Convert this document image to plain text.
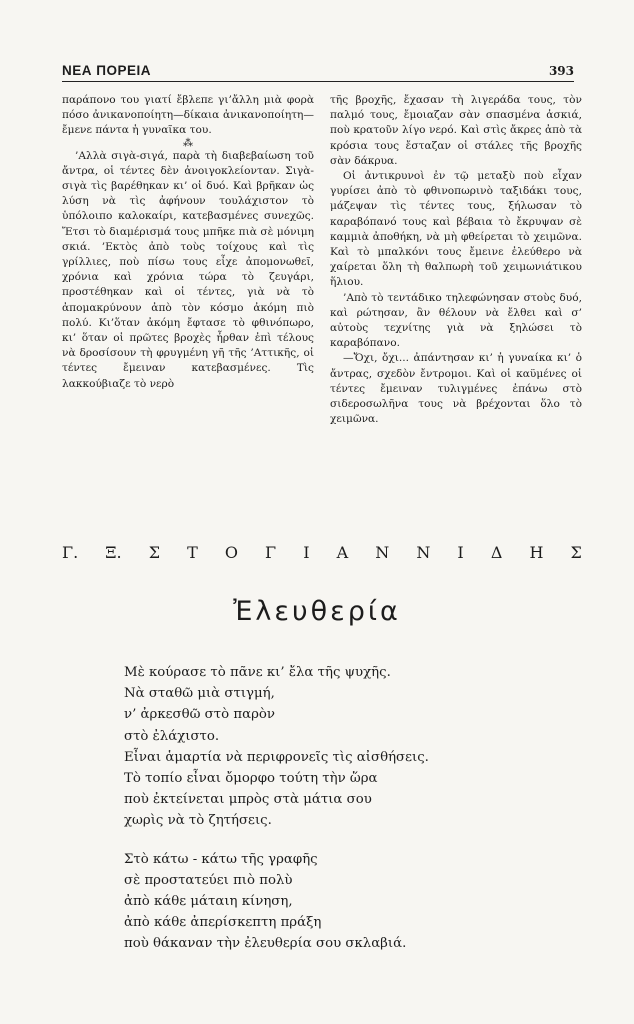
ΝΕΑ ΠΟΡΕΙΑ	393

παράπονο του γιατί ἔβλεπε γι’ἄλλη μιὰ φορὰ πόσο ἀνικανοποίητη—δίκαια ἀνικανοποίητη—ἔμενε πάντα ἡ γυναῖκα του.

⁂

’Αλλὰ σιγὰ-σιγά, παρὰ τὴ διαβεβαίωση τοῦ ἄντρα, οἱ τέντες δὲν ἀνοιγοκλείονταν. Σιγὰ-σιγὰ τὶς βαρέθηκαν κι’ οἱ δυό. Καὶ βρῆκαν ὡς λύση νὰ τὶς ἀφήνουν τουλάχιστον τὸ ὑπόλοιπο καλοκαίρι, κατεβασμένες συνεχῶς. Ἔτσι τὸ διαμέρισμά τους μπῆκε πιὰ σὲ μόνιμη σκιά. ’Εκτὸς ἀπὸ τοὺς τοίχους καὶ τὶς γρίλλιες, ποὺ πίσω τους εἶχε ἀπομονωθεῖ, χρόνια καὶ χρόνια τώρα τὸ ζευγάρι, προστέθηκαν καὶ οἱ τέντες, γιὰ νὰ τὸ ἀπομακρύνουν ἀπὸ τὸν κόσμο ἀκόμη πιὸ πολύ. Κι’ὅταν ἀκόμη ἔφτασε τὸ φθινόπωρο, κι’ ὅταν οἱ πρῶτες βροχὲς ἦρθαν ἐπὶ τέλους νὰ δροσίσουν τὴ φρυγμένη γῆ τῆς ’Αττικῆς, οἱ τέντες ἔμειναν κατεβασμένες. Τὶς λακκούβιαζε τὸ νερὸ

τῆς βροχῆς, ἔχασαν τὴ λιγεράδα τους, τὸν παλμό τους, ἔμοιαζαν σὰν σπασμένα ἀσκιά, ποὺ κρατοῦν λίγο νερό. Καὶ στὶς ἄκρες ἀπὸ τὰ κρόσια τους ἔσταζαν οἱ στάλες τῆς βροχῆς σὰν δάκρυα.

Οἱ ἀντικρυνοὶ ἐν τῷ μεταξὺ ποὺ εἶχαν γυρίσει ἀπὸ τὸ φθινοπωρινὸ ταξιδάκι τους, μάζεψαν τὶς τέντες τους, ξήλωσαν τὸ καραβόπανό τους καὶ βέβαια τὸ ἔκρυψαν σὲ καμμιὰ ἀποθήκη, νὰ μὴ φθείρεται τὸ χειμῶνα. Καὶ τὸ μπαλκόνι τους ἔμεινε ἐλεύθερο νὰ χαίρεται ὅλη τὴ θαλπωρὴ τοῦ χειμωνιάτικου ἥλιου.

’Απὸ τὸ τεντάδικο τηλεφώνησαν στοὺς δυό, καὶ ρώτησαν, ἂν θέλουν νὰ ἔλθει καὶ σ’ αὐτοὺς τεχνίτης γιὰ νὰ ξηλώσει τὸ καραβόπανο.

—Ὄχι, ὄχι... ἀπάντησαν κι’ ἡ γυναίκα κι’ ὁ ἄντρας, σχεδὸν ἔντρομοι. Καὶ οἱ καϋμένες οἱ τέντες ἔμειναν τυλιγμένες ἐπάνω στὸ σιδεροσωλῆνα τους νὰ βρέχονται ὅλο τὸ χειμῶνα.

Γ. Ξ. Σ Τ Ο Γ Ι Α Ν Ν Ι Δ Η Σ
Ἐλευθερία
Μὲ κούρασε τὸ πᾶνε κι’ ἔλα τῆς ψυχῆς.
Νὰ σταθῶ μιὰ στιγμή,
ν’ ἀρκεσθῶ στὸ παρὸν
στὸ ἐλάχιστο.
Εἶναι ἁμαρτία νὰ περιφρονεῖς τὶς αἰσθήσεις.
Τὸ τοπίο εἶναι ὄμορφο τούτη τὴν ὥρα
ποὺ ἐκτείνεται μπρὸς στὰ μάτια σου
χωρὶς νὰ τὸ ζητήσεις.
Στὸ κάτω - κάτω τῆς γραφῆς
σὲ προστατεύει πιὸ πολὺ
ἀπὸ κάθε μάταιη κίνηση,
ἀπὸ κάθε ἀπερίσκεπτη πράξη
ποὺ θάκαναν τὴν ἐλευθερία σου σκλαβιά.
